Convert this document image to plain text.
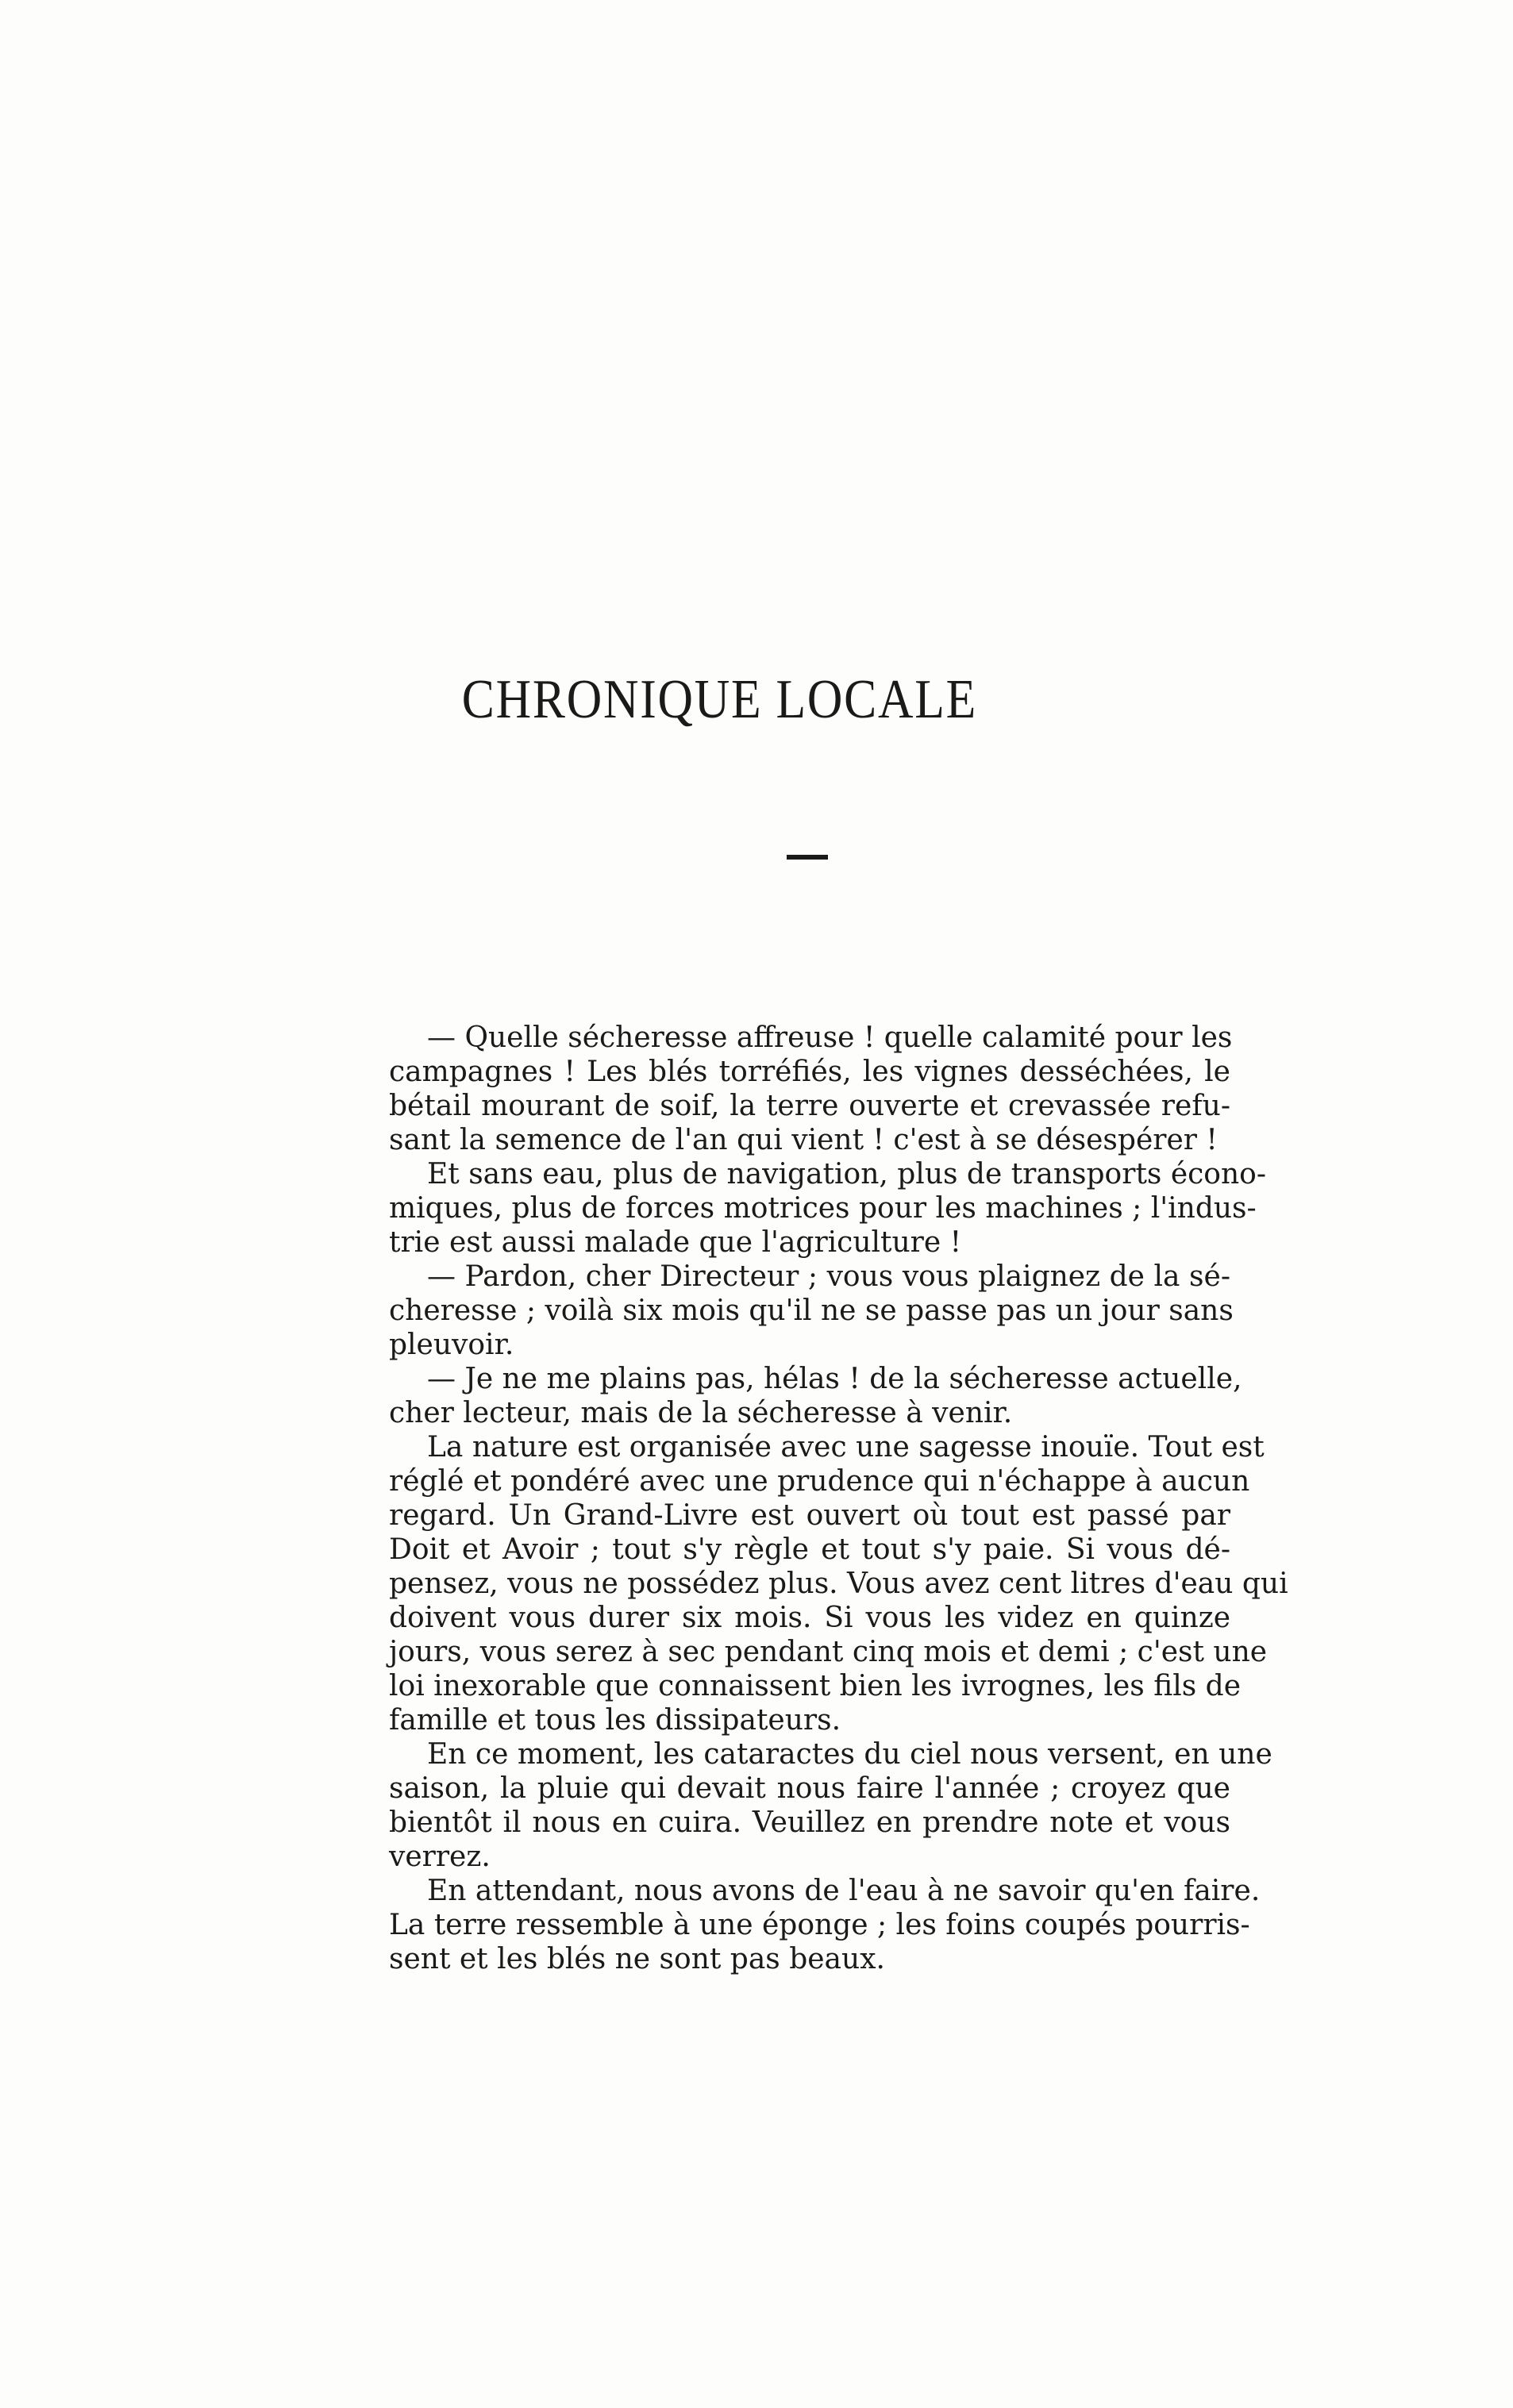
CHRONIQUE LOCALE
— Quelle sécheresse affreuse ! quelle calamité pour les
campagnes ! Les blés torréfiés, les vignes desséchées, le
bétail mourant de soif, la terre ouverte et crevassée refu-
sant la semence de l'an qui vient ! c'est à se désespérer !
Et sans eau, plus de navigation, plus de transports écono-
miques, plus de forces motrices pour les machines ; l'indus-
trie est aussi malade que l'agriculture !
— Pardon, cher Directeur ; vous vous plaignez de la sé-
cheresse ; voilà six mois qu'il ne se passe pas un jour sans
pleuvoir.
— Je ne me plains pas, hélas ! de la sécheresse actuelle,
cher lecteur, mais de la sécheresse à venir.
La nature est organisée avec une sagesse inouïe. Tout est
réglé et pondéré avec une prudence qui n'échappe à aucun
regard. Un Grand-Livre est ouvert où tout est passé par
Doit et Avoir ; tout s'y règle et tout s'y paie. Si vous dé-
pensez, vous ne possédez plus. Vous avez cent litres d'eau qui
doivent vous durer six mois. Si vous les videz en quinze
jours, vous serez à sec pendant cinq mois et demi ; c'est une
loi inexorable que connaissent bien les ivrognes, les fils de
famille et tous les dissipateurs.
En ce moment, les cataractes du ciel nous versent, en une
saison, la pluie qui devait nous faire l'année ; croyez que
bientôt il nous en cuira. Veuillez en prendre note et vous
verrez.
En attendant, nous avons de l'eau à ne savoir qu'en faire.
La terre ressemble à une éponge ; les foins coupés pourris-
sent et les blés ne sont pas beaux.
